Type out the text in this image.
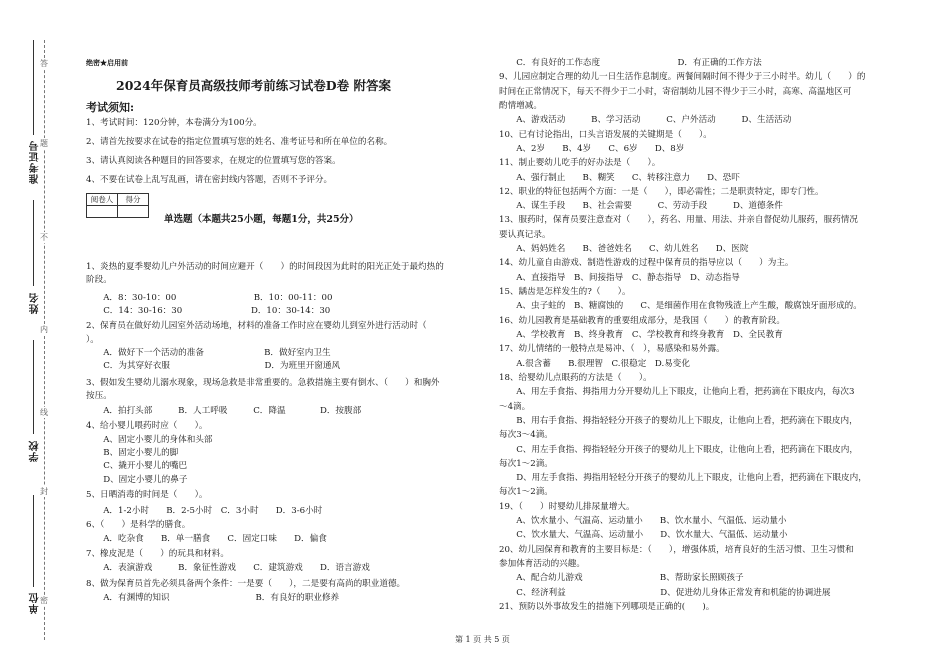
答
题
不
内
线
封
密
准考证号
姓名
学校
单位
绝密★启用前
2024年保育员高级技师考前练习试卷D卷 附答案
考试须知:
1、考试时间：120分钟，本卷满分为100分。
2、请首先按要求在试卷的指定位置填写您的姓名、准考证号和所在单位的名称。
3、请认真阅读各种题目的回答要求，在规定的位置填写您的答案。
4、不要在试卷上乱写乱画，请在密封线内答题，否则不予评分。
阅卷人	得分

单选题（本题共25小题，每题1分，共25分）
1、炎热的夏季婴幼儿户外活动的时间应避开（　　）的时间段因为此时的阳光正处于最灼热的
阶段。
　　A．8：30-10：00　　　　　　　　　B．10：00-11：00
　　C．14：30-16：30　　　　　　　　D．10：30-14：30
2、保育员在做好幼儿园室外活动场地，材料的准备工作时应在婴幼儿到室外进行活动时（
）。
　　A．做好下一个活动的准备　　　　　　　B．做好室内卫生
　　C．为其穿好衣服　　　　　　　　　　　D．为班里开窗通风
3、假如发生婴幼儿溺水现象，现场急救是非常重要的。急救措施主要有倒水、（　　）和胸外
按压。
　　A．拍打头部　　　B．人工呼吸　　　C．降温　　　　D．按腹部
4、给小婴儿喂药时应（　　）。
　　A、固定小婴儿的身体和头部
　　B、固定小婴儿的脚
　　C、撬开小婴儿的嘴巴
　　D、固定小婴儿的鼻子
5、日晒消毒的时间是（　　）。
　　A．1-2小时　　B．2-5小时　C．3小时　　D．3-6小时
6、（　　）是科学的膳食。
　　A．吃杂食　　B．单一膳食　　C．固定口味　　D．偏食
7、橡皮泥是（　　）的玩具和材料。
　　A．表演游戏　　　B．象征性游戏　　C．建筑游戏　　D．语言游戏
8、做为保育员首先必须具备两个条件：一是要（　　），二是要有高尚的职业道德。
　　A．有渊博的知识　　　　　　　　　　B．有良好的职业修养
　　C．有良好的工作态度　　　　　　　　　D．有正确的工作方法
9、儿园应制定合理的幼儿一日生活作息制度。两餐间隔时间不得少于三小时半。幼儿（　　）的
时间在正常情况下，每天不得少于二小时，寄宿制幼儿园不得少于三小时，高寒、高温地区可
酌情增减。
　　A、游戏活动　　　B、学习活动　　　C、户外活动　　　D、生活活动
10、已有讨论指出，口头言语发展的关键期是（　　）。
　　A、2岁　　B、4岁　　C、6岁　　D、8岁
11、制止婴幼儿吃手的好办法是（　　）。
　　A、强行制止　　B、糊笑　　C、转移注意力　　D、恐吓
12、职业的特征包括两个方面：一是（　　），即必需性；二是职责特定，即专门性。
　　A、谋生手段　　B、社会需要　　　C、劳动手段　　　D、道德条件
13、服药时，保育员要注意查对（　　），药名、用量、用法、并亲自督促幼儿服药，服药情况
要认真记录。
　　A、妈妈姓名　　B、爸爸姓名　　C、幼儿姓名　　D、医院
14、幼儿童自由游戏、制造性游戏的过程中保育员的指导应以（　　）为主。
　　A、直接指导　B、间接指导　C、静态指导　D、动态指导
15、龋齿是怎样发生的?（　　）。
　　A、虫子蛀的　B、糖腐蚀的　　C、是细菌作用在食物残渣上产生酸，酸腐蚀牙面形成的。
16、幼儿园教育是基础教育的重要组成部分，是我国（　　）的教育阶段。
　　A、学校教育　B、终身教育　C、学校教育和终身教育　D、全民教育
17、幼儿情绪的一般特点是易冲、（　），易感染和易外露。
　　A.很含蓄　　B.很理智　C.很稳定　D.易变化
18、给婴幼儿点眼药的方法是（　　）。
　　A、用左手食指、拇指用力分开婴幼儿上下眼皮，让他向上看，把药滴在下眼皮内，每次3
～4滴。
　　B、用右手食指、拇指轻轻分开孩子的婴幼儿上下眼皮，让他向上看，把药滴在下眼皮内，
每次3～4滴。
　　C、用左手食指、拇指轻轻分开孩子的婴幼儿上下眼皮，让他向上看，把药滴在下眼皮内，
每次1～2滴。
　　D、用左手食指、拇指用轻轻分开孩子的婴幼儿上下眼皮，让他向上看，把药滴在下眼皮内，
每次1～2滴。
19、（　　）时婴幼儿排尿量增大。
　　A、饮水量小、气温高、运动量小　　B、饮水量小、气温低、运动量小
　　C、饮水量大、气温高、运动量小　　D、饮水量大、气温低、运动量小
20、幼儿园保育和教育的主要目标是：（　　），增强体质，培育良好的生活习惯、卫生习惯和
参加体育活动的兴趣。
　　A、配合幼儿游戏　　　　　　　　　B、帮助家长照顾孩子
　　C、经济利益　　　　　　　　　　　D、促进幼儿身体正常发育和机能的协调进展
21、预防以外事故发生的措施下列哪项是正确的(　　)。
第 1 页 共 5 页
